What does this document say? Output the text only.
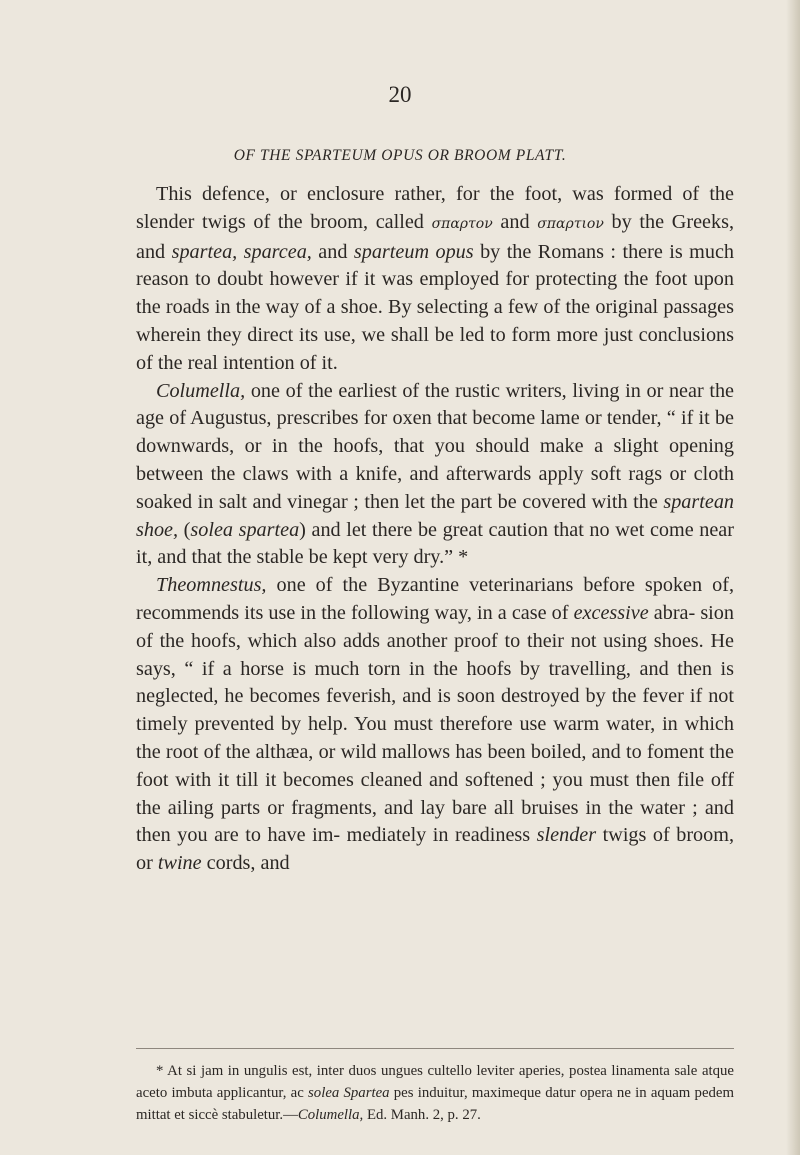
20
OF THE SPARTEUM OPUS OR BROOM PLATT.

This defence, or enclosure rather, for the foot, was formed of the slender twigs of the broom, called σπαρτον and σπαρτιον by the Greeks, and spartea, sparcea, and sparteum opus by the Romans : there is much reason to doubt however if it was employed for protecting the foot upon the roads in the way of a shoe. By selecting a few of the original passages wherein they direct its use, we shall be led to form more just conclusions of the real intention of it.

Columella, one of the earliest of the rustic writers, living in or near the age of Augustus, prescribes for oxen that become lame or tender, “ if it be downwards, or in the hoofs, that you should make a slight opening between the claws with a knife, and afterwards apply soft rags or cloth soaked in salt and vinegar ; then let the part be covered with the spartean shoe, (solea spartea) and let there be great caution that no wet come near it, and that the stable be kept very dry.” *

Theomnestus, one of the Byzantine veterinarians before spoken of, recommends its use in the following way, in a case of excessive abra- sion of the hoofs, which also adds another proof to their not using shoes. He says, “ if a horse is much torn in the hoofs by travelling, and then is neglected, he becomes feverish, and is soon destroyed by the fever if not timely prevented by help. You must therefore use warm water, in which the root of the althæa, or wild mallows has been boiled, and to foment the foot with it till it becomes cleaned and softened ; you must then file off the ailing parts or fragments, and lay bare all bruises in the water ; and then you are to have im- mediately in readiness slender twigs of broom, or twine cords, and

* At si jam in ungulis est, inter duos ungues cultello leviter aperies, postea linamenta sale atque aceto imbuta applicantur, ac solea Spartea pes induitur, maximeque datur opera ne in aquam pedem mittat et siccè stabuletur.—Columella, Ed. Manh. 2, p. 27.
